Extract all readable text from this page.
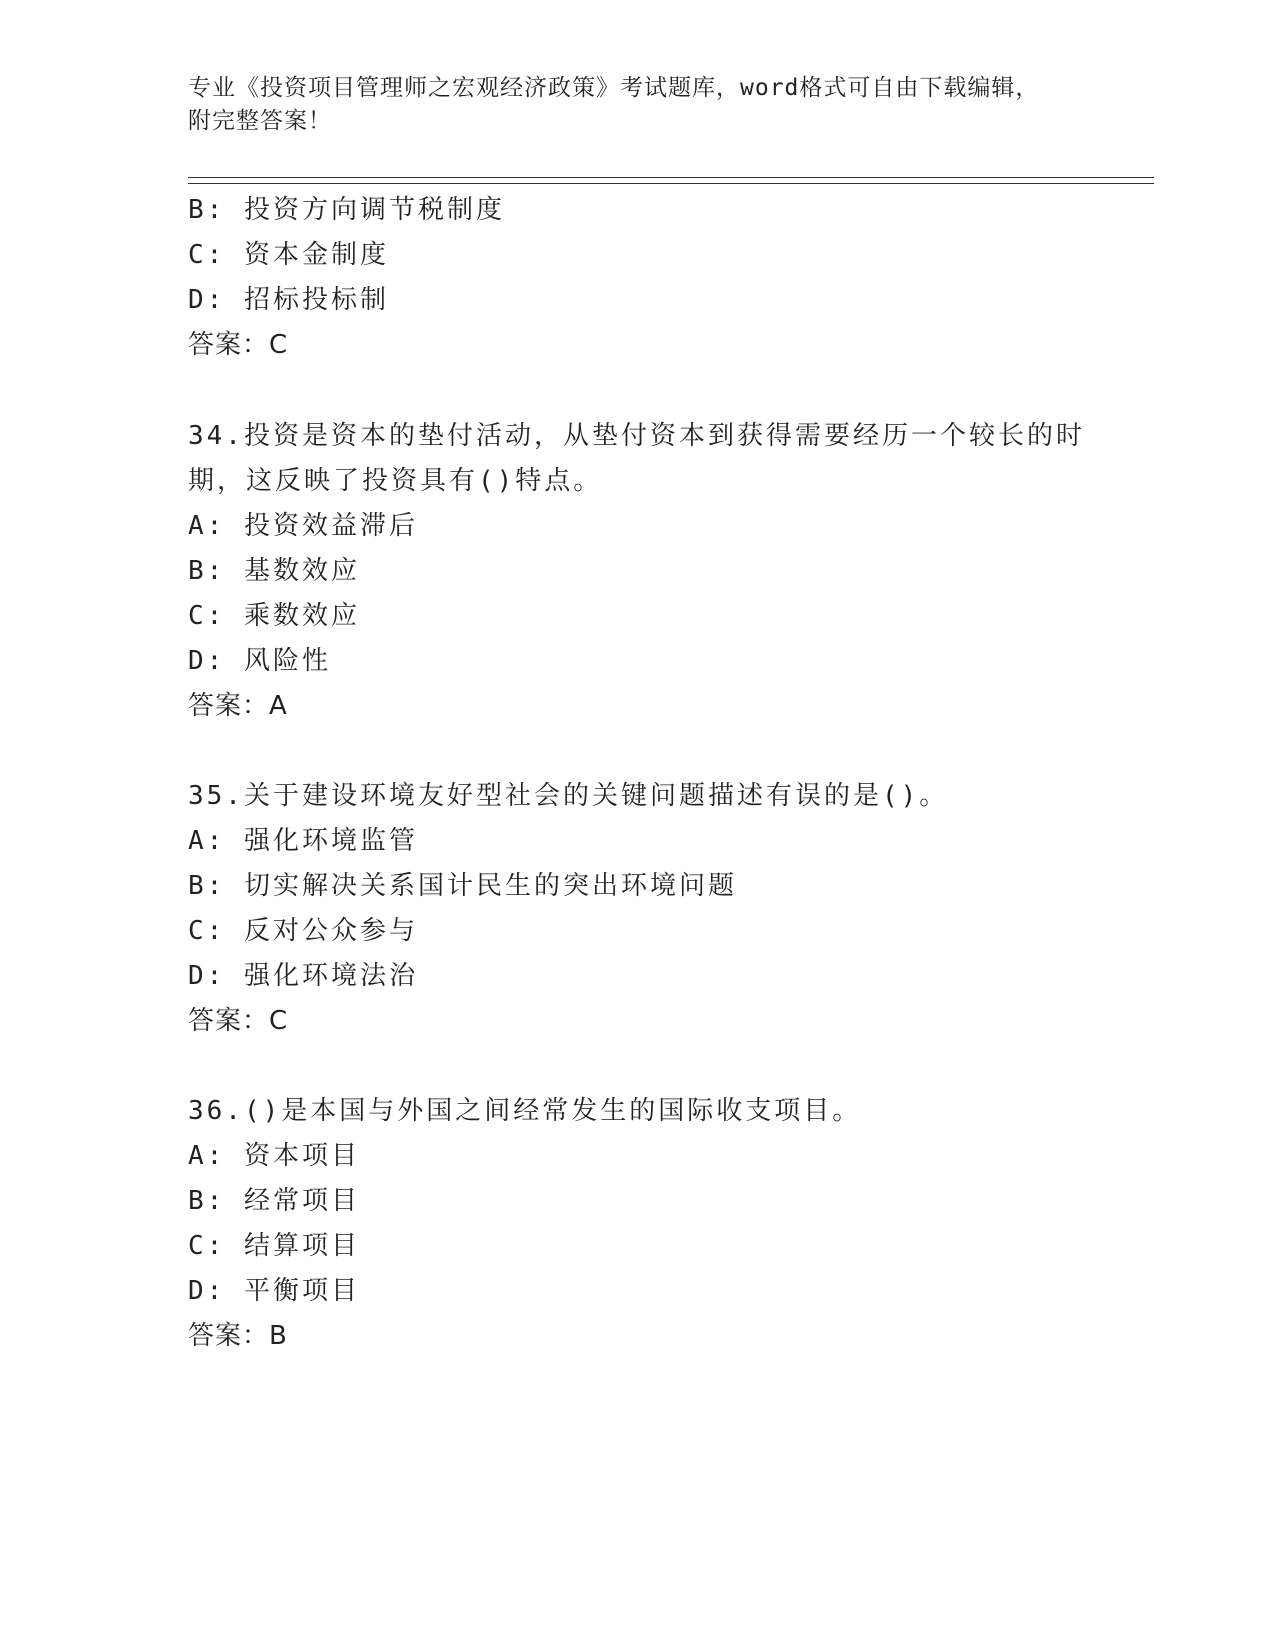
专业《投资项目管理师之宏观经济政策》考试题库，word格式可自由下载编辑，
附完整答案！
B: 投资方向调节税制度
C: 资本金制度
D: 招标投标制
答案：C
34.投资是资本的垫付活动，从垫付资本到获得需要经历一个较长的时
期，这反映了投资具有()特点。
A: 投资效益滞后
B: 基数效应
C: 乘数效应
D: 风险性
答案：A
35.关于建设环境友好型社会的关键问题描述有误的是()。
A: 强化环境监管
B: 切实解决关系国计民生的突出环境问题
C: 反对公众参与
D: 强化环境法治
答案：C
36.()是本国与外国之间经常发生的国际收支项目。
A: 资本项目
B: 经常项目
C: 结算项目
D: 平衡项目
答案：B
